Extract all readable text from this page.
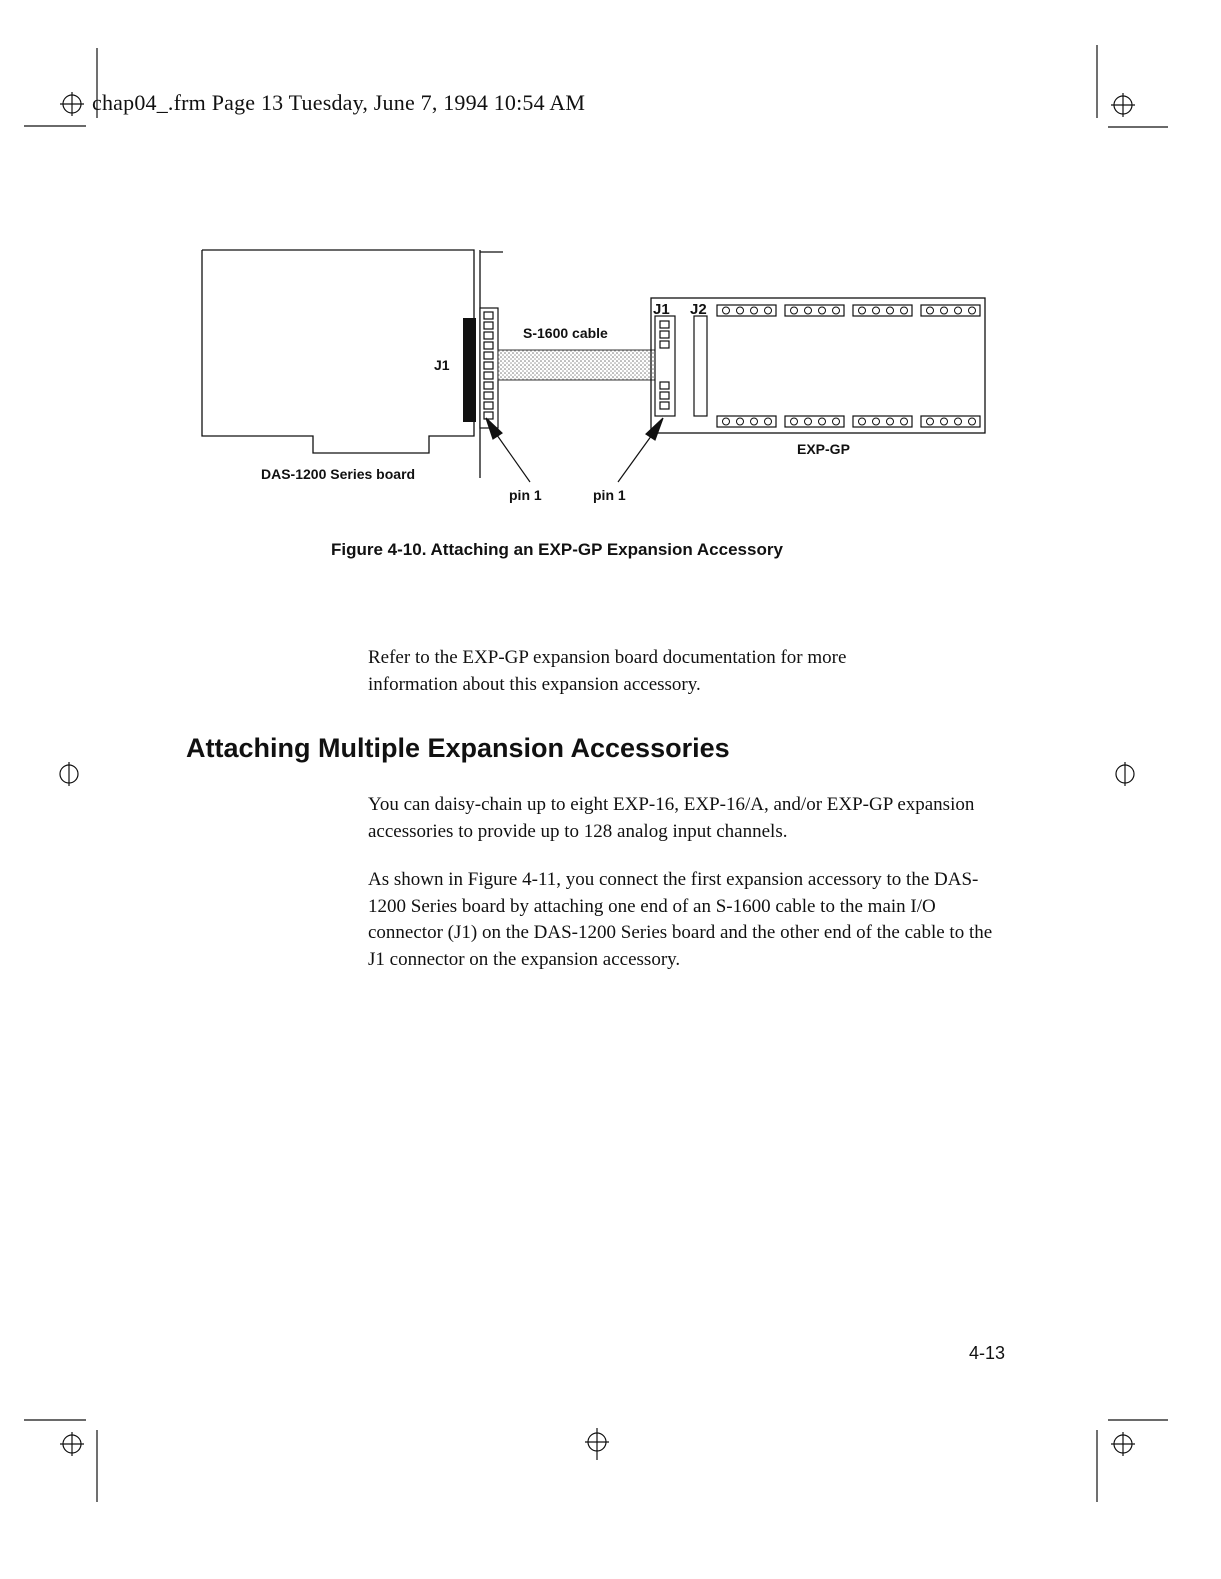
chap04_.frm Page 13 Tuesday, June 7, 1994 10:54 AM
J1
S-1600 cable
J1 J2
EXP-GP
DAS-1200 Series board
pin 1	pin 1
Figure 4-10. Attaching an EXP-GP Expansion Accessory

Refer to the EXP-GP expansion board documentation for more information about this expansion accessory.

Attaching Multiple Expansion Accessories

You can daisy-chain up to eight EXP-16, EXP-16/A, and/or EXP-GP expansion accessories to provide up to 128 analog input channels.

As shown in Figure 4-11, you connect the first expansion accessory to the DAS-1200 Series board by attaching one end of an S-1600 cable to the main I/O connector (J1) on the DAS-1200 Series board and the other end of the cable to the J1 connector on the expansion accessory.

4-13
